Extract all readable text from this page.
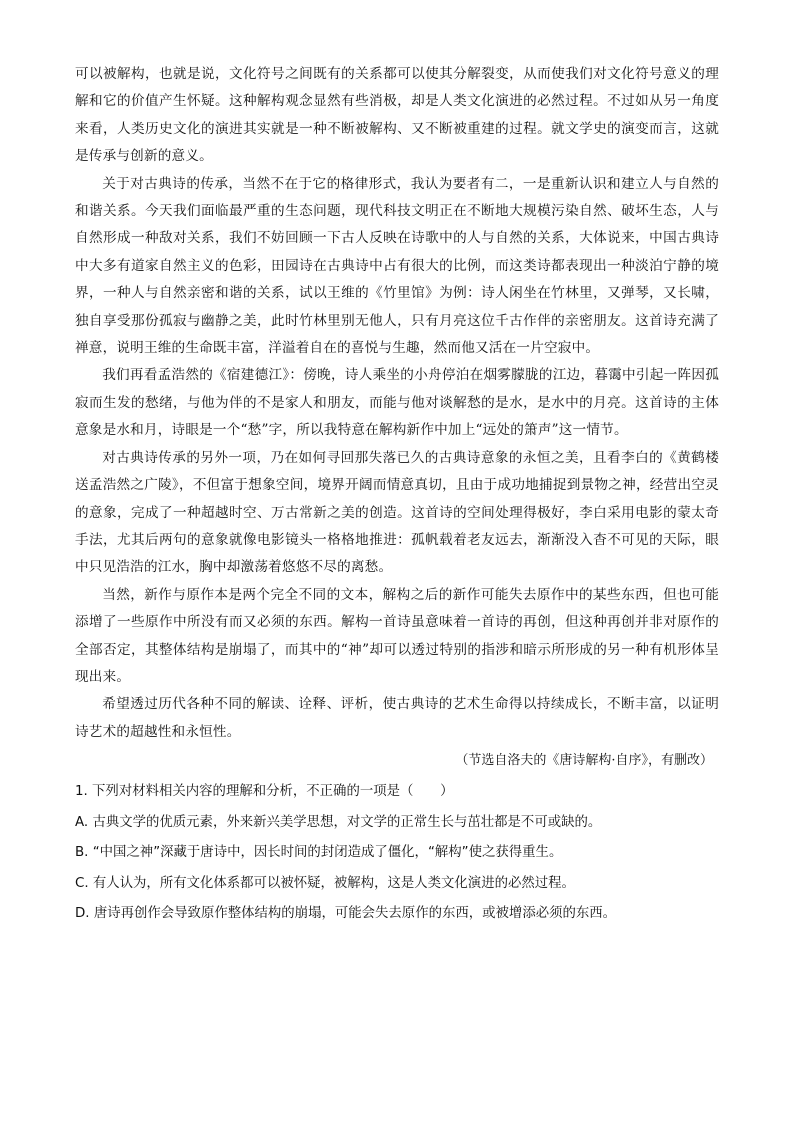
可以被解构，也就是说，文化符号之间既有的关系都可以使其分解裂变，从而使我们对文化符号意义的理解和它的价值产生怀疑。这种解构观念显然有些消极，却是人类文化演进的必然过程。不过如从另一角度来看，人类历史文化的演进其实就是一种不断被解构、又不断被重建的过程。就文学史的演变而言，这就是传承与创新的意义。

关于对古典诗的传承，当然不在于它的格律形式，我认为要者有二，一是重新认识和建立人与自然的和谐关系。今天我们面临最严重的生态问题，现代科技文明正在不断地大规模污染自然、破坏生态，人与自然形成一种敌对关系，我们不妨回顾一下古人反映在诗歌中的人与自然的关系，大体说来，中国古典诗中大多有道家自然主义的色彩，田园诗在古典诗中占有很大的比例，而这类诗都表现出一种淡泊宁静的境界，一种人与自然亲密和谐的关系，试以王维的《竹里馆》为例：诗人闲坐在竹林里，又弹琴，又长啸，独自享受那份孤寂与幽静之美，此时竹林里别无他人，只有月亮这位千古作伴的亲密朋友。这首诗充满了禅意，说明王维的生命既丰富，洋溢着自在的喜悦与生趣，然而他又活在一片空寂中。

我们再看孟浩然的《宿建德江》：傍晚，诗人乘坐的小舟停泊在烟雾朦胧的江边，暮霭中引起一阵因孤寂而生发的愁绪，与他为伴的不是家人和朋友，而能与他对谈解愁的是水，是水中的月亮。这首诗的主体意象是水和月，诗眼是一个“愁”字，所以我特意在解构新作中加上“远处的箫声”这一情节。

对古典诗传承的另外一项，乃在如何寻回那失落已久的古典诗意象的永恒之美，且看李白的《黄鹤楼送孟浩然之广陵》，不但富于想象空间，境界开阔而情意真切，且由于成功地捕捉到景物之神，经营出空灵的意象，完成了一种超越时空、万古常新之美的创造。这首诗的空间处理得极好，李白采用电影的蒙太奇手法，尤其后两句的意象就像电影镜头一格格地推进：孤帆载着老友远去，渐渐没入杳不可见的天际，眼中只见浩浩的江水，胸中却激荡着悠悠不尽的离愁。

当然，新作与原作本是两个完全不同的文本，解构之后的新作可能失去原作中的某些东西，但也可能添增了一些原作中所没有而又必须的东西。解构一首诗虽意味着一首诗的再创，但这种再创并非对原作的全部否定，其整体结构是崩塌了，而其中的“神”却可以透过特别的指涉和暗示所形成的另一种有机形体呈现出来。

希望透过历代各种不同的解读、诠释、评析，使古典诗的艺术生命得以持续成长，不断丰富，以证明诗艺术的超越性和永恒性。

（节选自洛夫的《唐诗解构·自序》，有删改）

1. 下列对材料相关内容的理解和分析，不正确的一项是（　　）
A. 古典文学的优质元素，外来新兴美学思想，对文学的正常生长与茁壮都是不可或缺的。
B. “中国之神”深藏于唐诗中，因长时间的封闭造成了僵化，“解构”使之获得重生。
C. 有人认为，所有文化体系都可以被怀疑，被解构，这是人类文化演进的必然过程。
D. 唐诗再创作会导致原作整体结构的崩塌，可能会失去原作的东西，或被增添必须的东西。
